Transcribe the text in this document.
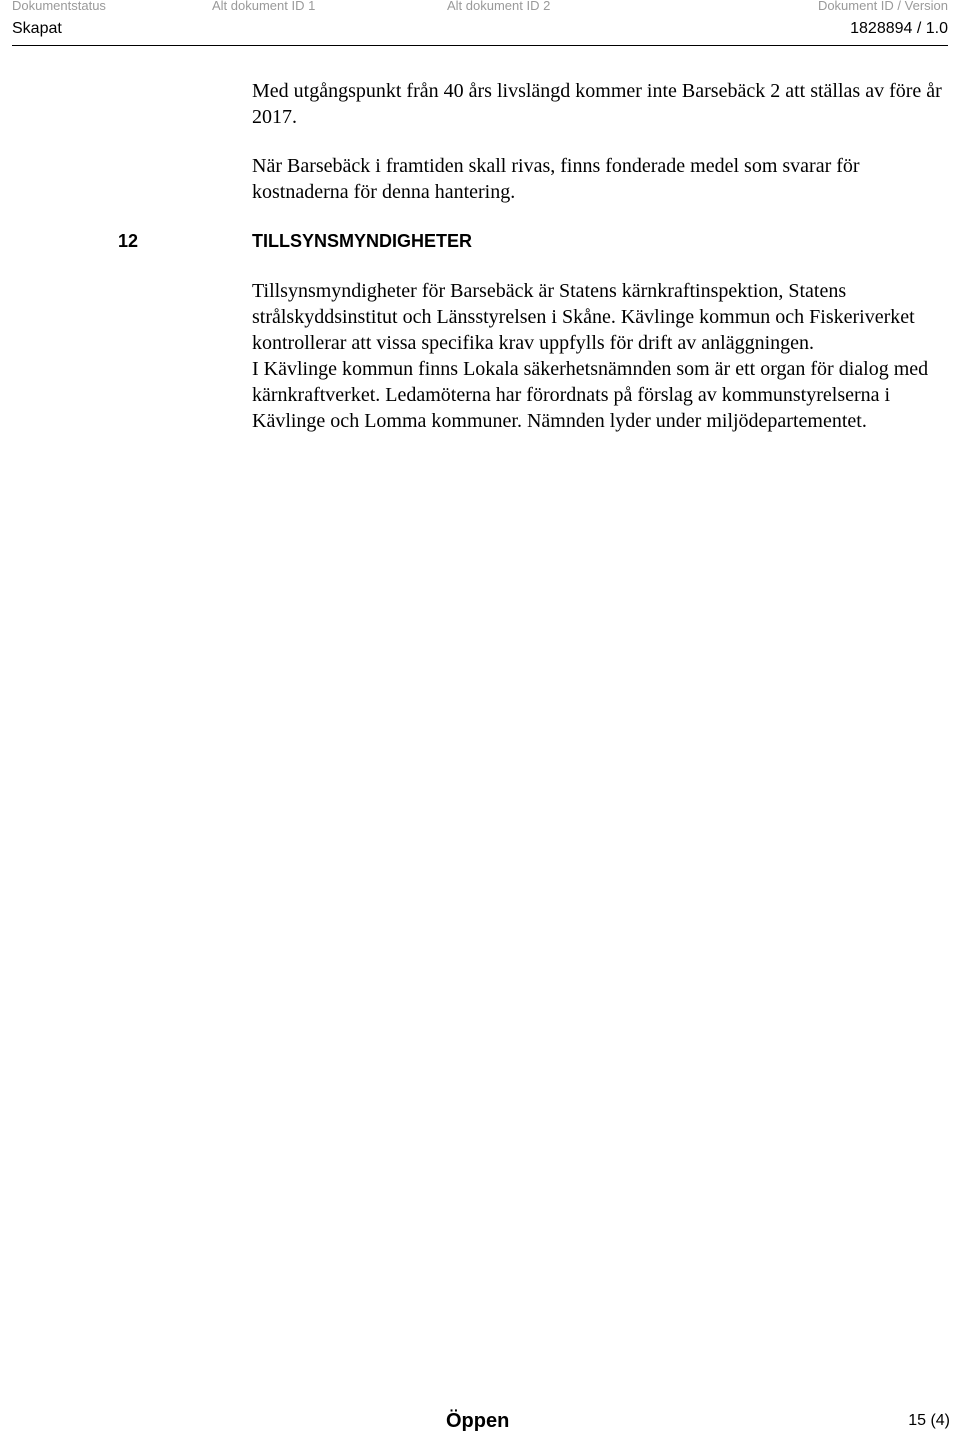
Dokumentstatus	Alt dokument ID 1	Alt dokument ID 2	Dokument ID / Version
Skapat	1828894 / 1.0

Med utgångspunkt från 40 års livslängd kommer inte Barsebäck 2 att ställas av före år 2017.

När Barsebäck i framtiden skall rivas, finns fonderade medel som svarar för kostnaderna för denna hantering.

12	TILLSYNSMYNDIGHETER
Tillsynsmyndigheter för Barsebäck är Statens kärnkraftinspektion, Statens strålskyddsinstitut och Länsstyrelsen i Skåne. Kävlinge kommun och Fiskeriverket kontrollerar att vissa specifika krav uppfylls för drift av anläggningen.
I Kävlinge kommun finns Lokala säkerhetsnämnden som är ett organ för dialog med kärnkraftverket. Ledamöterna har förordnats på förslag av kommunstyrelserna i Kävlinge och Lomma kommuner. Nämnden lyder under miljödepartementet.
Öppen	15 (4)
